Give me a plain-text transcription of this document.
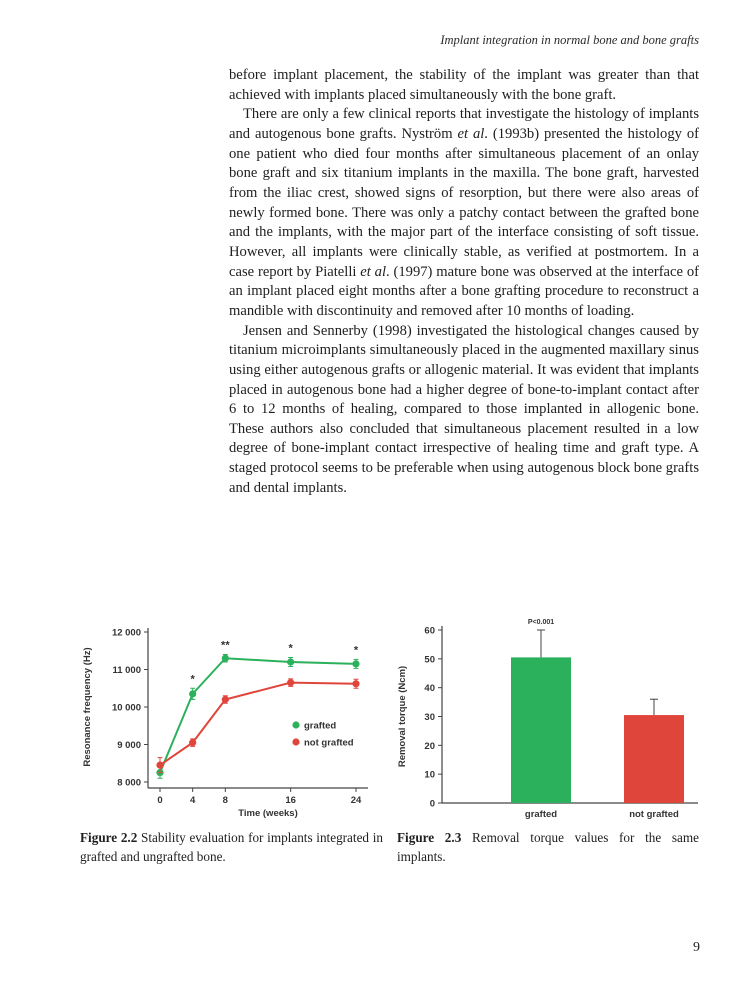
Implant integration in normal bone and bone grafts

before implant placement, the stability of the implant was greater than that achieved with implants placed simultaneously with the bone graft.

There are only a few clinical reports that investigate the histology of implants and autogenous bone grafts. Nyström et al. (1993b) presented the histology of one patient who died four months after simultaneous placement of an onlay bone graft and six titanium implants in the maxilla. The bone graft, harvested from the iliac crest, showed signs of resorption, but there were also areas of newly formed bone. There was only a patchy contact between the grafted bone and the implants, with the major part of the interface consisting of soft tissue. However, all implants were clinically stable, as verified at postmortem. In a case report by Piatelli et al. (1997) mature bone was observed at the interface of an implant placed eight months after a bone grafting procedure to reconstruct a mandible with discontinuity and removed after 10 months of loading.

Jensen and Sennerby (1998) investigated the histological changes caused by titanium microimplants simultaneously placed in the augmented maxillary sinus using either autogenous grafts or allogenic material. It was evident that implants placed in autogenous bone had a higher degree of bone-to-implant contact after 6 to 12 months of healing, compared to those implanted in allogenic bone. These authors also concluded that simultaneous placement resulted in a low degree of bone-implant contact irrespective of healing time and graft type. A staged protocol seems to be preferable when using autogenous block bone grafts and dental implants.

8 000
9 000
10 000
11 000
12 000
0	4	8	16	24
Time (weeks)
Resonance frequency (Hz)	*
**	*	*
grafted
not grafted
0
10
20
30
40
50
60
Removal torque (Ncm)
grafted	not grafted
P<0.001
Figure 2.2 Stability evaluation for implants integrated in grafted and ungrafted bone.
Figure 2.3 Removal torque values for the same implants.
9
